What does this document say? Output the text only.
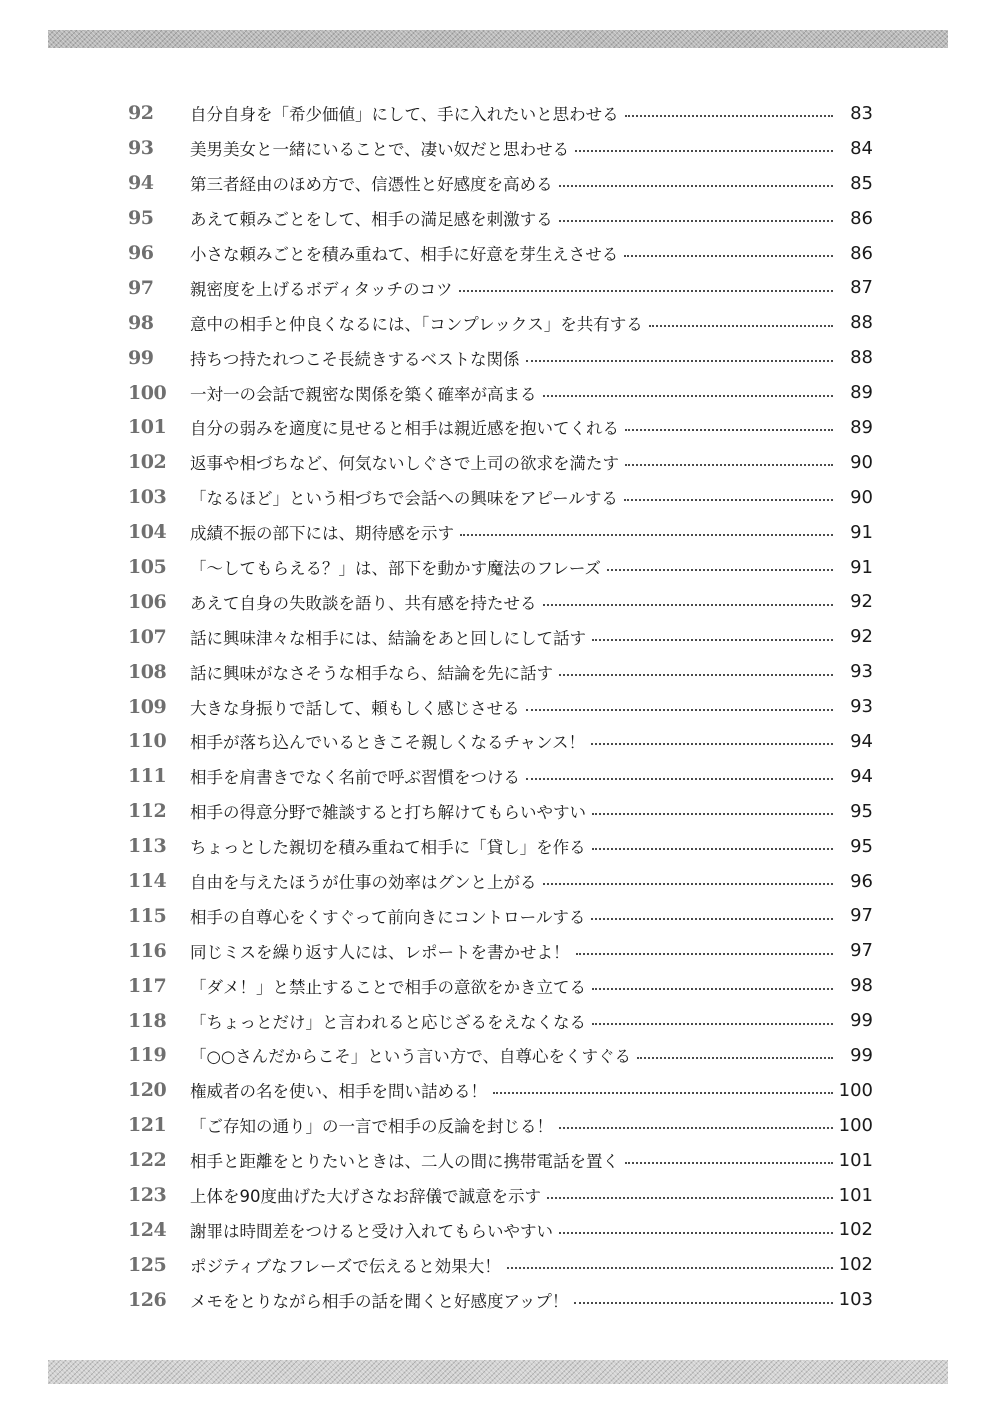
92	自分自身を「希少価値」にして、手に入れたいと思わせる	83
93	美男美女と一緒にいることで、凄い奴だと思わせる	84
94	第三者経由のほめ方で、信憑性と好感度を高める	85
95	あえて頼みごとをして、相手の満足感を刺激する	86
96	小さな頼みごとを積み重ねて、相手に好意を芽生えさせる	86
97	親密度を上げるボディタッチのコツ	87
98	意中の相手と仲良くなるには、「コンプレックス」を共有する	88
99	持ちつ持たれつこそ長続きするベストな関係	88
100	一対一の会話で親密な関係を築く確率が高まる	89
101	自分の弱みを適度に見せると相手は親近感を抱いてくれる	89
102	返事や相づちなど、何気ないしぐさで上司の欲求を満たす	90
103	「なるほど」という相づちで会話への興味をアピールする	90
104	成績不振の部下には、期待感を示す	91
105	「〜してもらえる？」は、部下を動かす魔法のフレーズ	91
106	あえて自身の失敗談を語り、共有感を持たせる	92
107	話に興味津々な相手には、結論をあと回しにして話す	92
108	話に興味がなさそうな相手なら、結論を先に話す	93
109	大きな身振りで話して、頼もしく感じさせる	93
110	相手が落ち込んでいるときこそ親しくなるチャンス！	94
111	相手を肩書きでなく名前で呼ぶ習慣をつける	94
112	相手の得意分野で雑談すると打ち解けてもらいやすい	95
113	ちょっとした親切を積み重ねて相手に「貸し」を作る	95
114	自由を与えたほうが仕事の効率はグンと上がる	96
115	相手の自尊心をくすぐって前向きにコントロールする	97
116	同じミスを繰り返す人には、レポートを書かせよ！	97
117	「ダメ！」と禁止することで相手の意欲をかき立てる	98
118	「ちょっとだけ」と言われると応じざるをえなくなる	99
119	「○○さんだからこそ」という言い方で、自尊心をくすぐる	99
120	権威者の名を使い、相手を問い詰める！	100
121	「ご存知の通り」の一言で相手の反論を封じる！	100
122	相手と距離をとりたいときは、二人の間に携帯電話を置く	101
123	上体を90度曲げた大げさなお辞儀で誠意を示す	101
124	謝罪は時間差をつけると受け入れてもらいやすい	102
125	ポジティブなフレーズで伝えると効果大！	102
126	メモをとりながら相手の話を聞くと好感度アップ！	103
